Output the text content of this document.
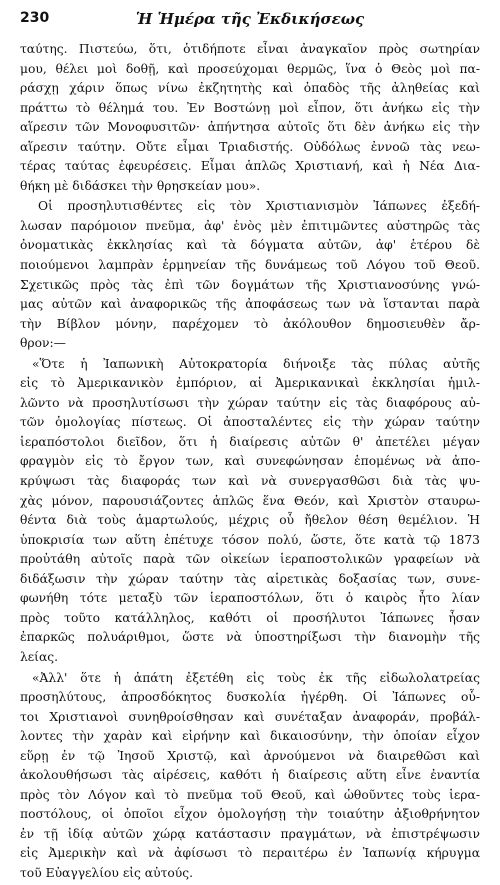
230	Ἡ Ἡμέρα τῆς Ἐκδικήσεως
ταύτης. Πιστεύω, ὅτι, ὁτιδήποτε εἶναι ἀναγκαῖον πρὸς σωτηρίαν
μου, θέλει μοὶ δοθῇ, καὶ προσεύχομαι θερμῶς, ἵνα ὁ Θεὸς μοὶ πα-
ράσχῃ χάριν ὅπως νίνω ἐκζητητὴς καὶ ὀπαδὸς τῆς ἀληθείας καὶ
πράττω τὸ θέλημά του. Ἐν Βοστώνῃ μοὶ εἶπον, ὅτι ἀνήκω εἰς τὴν
αἵρεσιν τῶν Μονοφυσιτῶν· ἀπήντησα αὐτοῖς ὅτι δὲν ἀνήκω εἰς τὴν
αἵρεσιν ταύτην. Οὔτε εἶμαι Τριαδιστής. Οὐδόλως ἐννοῶ τὰς νεω-
τέρας ταύτας ἐφευρέσεις. Εἶμαι ἁπλῶς Χριστιανή, καὶ ἡ Νέα Δια-
θήκη μὲ διδάσκει τὴν θρησκείαν μου».
Οἱ προσηλυτισθέντες εἰς τὸν Χριστιανισμὸν Ἰάπωνες ἐξεδή-
λωσαν παρόμοιον πνεῦμα, ἀφ' ἑνὸς μὲν ἐπιτιμῶντες αὐστηρῶς τὰς
ὀνοματικὰς ἐκκλησίας καὶ τὰ δόγματα αὐτῶν, ἀφ' ἑτέρου δὲ
ποιούμενοι λαμπρὰν ἑρμηνείαν τῆς δυνάμεως τοῦ Λόγου τοῦ Θεοῦ.
Σχετικῶς πρὸς τὰς ἐπὶ τῶν δογμάτων τῆς Χριστιανοσύνης γνώ-
μας αὐτῶν καὶ ἀναφορικῶς τῆς ἀποφάσεως των νὰ ἵστανται παρὰ
τὴν Βίβλον μόνην, παρέχομεν τὸ ἀκόλουθον δημοσιευθὲν ἄρ-
θρον:—
«Ὅτε ἡ Ἰαπωνικὴ Αὐτοκρατορία διήνοιξε τὰς πύλας αὐτῆς
εἰς τὸ Ἀμερικανικὸν ἐμπόριον, αἱ Ἀμερικανικαὶ ἐκκλησίαι ἡμιλ-
λῶντο νὰ προσηλυτίσωσι τὴν χώραν ταύτην εἰς τὰς διαφόρους αὐ-
τῶν ὁμολογίας πίστεως. Οἱ ἀποσταλέντες εἰς τὴν χώραν ταύτην
ἱεραπόστολοι διεῖδον, ὅτι ἡ διαίρεσις αὐτῶν θ' ἀπετέλει μέγαν
φραγμὸν εἰς τὸ ἔργον των, καὶ συνεφώνησαν ἑπομένως νὰ ἀπο-
κρύψωσι τὰς διαφοράς των καὶ νὰ συνεργασθῶσι διὰ τὰς ψυ-
χὰς μόνον, παρουσιάζοντες ἁπλῶς ἕνα Θεόν, καὶ Χριστὸν σταυρω-
θέντα διὰ τοὺς ἁμαρτωλούς, μέχρις οὗ ἤθελον θέση θεμέλιον. Ἡ
ὑποκρισία των αὕτη ἐπέτυχε τόσον πολύ, ὥστε, ὅτε κατὰ τῷ 1873
προὐτάθη αὐτοῖς παρὰ τῶν οἰκείων ἱεραποστολικῶν γραφείων νὰ
διδάξωσιν τὴν χώραν ταύτην τὰς αἱρετικὰς δοξασίας των, συνε-
φωνήθη τότε μεταξὺ τῶν ἱεραποστόλων, ὅτι ὁ καιρὸς ἦτο λίαν
πρὸς τοῦτο κατάλληλος, καθότι οἱ προσήλυτοι Ἰάπωνες ἦσαν
ἐπαρκῶς πολυάριθμοι, ὥστε νὰ ὑποστηρίξωσι τὴν διανομὴν τῆς
λείας.
«Ἀλλ' ὅτε ἡ ἀπάτη ἐξετέθη εἰς τοὺς ἐκ τῆς εἰδωλολατρείας
προσηλύτους, ἀπροσδόκητος δυσκολία ἠγέρθη. Οἱ Ἰάπωνες οὗ-
τοι Χριστιανοὶ συνηθροίσθησαν καὶ συνέταξαν ἀναφοράν, προβάλ-
λοντες τὴν χαρὰν καὶ εἰρήνην καὶ δικαιοσύνην, τὴν ὁποίαν εἶχον
εὕρῃ ἐν τῷ Ἰησοῦ Χριστῷ, καὶ ἀρνούμενοι νὰ διαιρεθῶσι καὶ
ἀκολουθήσωσι τὰς αἱρέσεις, καθότι ἡ διαίρεσις αὕτη εἶνε ἐναντία
πρὸς τὸν Λόγον καὶ τὸ πνεῦμα τοῦ Θεοῦ, καὶ ὡθοῦντες τοὺς ἱερα-
ποστόλους, οἱ ὁποῖοι εἶχον ὁμολογήσῃ τὴν τοιαύτην ἀξιοθρήνητον
ἐν τῇ ἰδίᾳ αὐτῶν χώρᾳ κατάστασιν πραγμάτων, νὰ ἐπιστρέψωσιν
εἰς Ἀμερικὴν καὶ νὰ ἀφίσωσι τὸ περαιτέρω ἐν Ἰαπωνίᾳ κήρυγμα
τοῦ Εὐαγγελίου εἰς αὐτούς.
